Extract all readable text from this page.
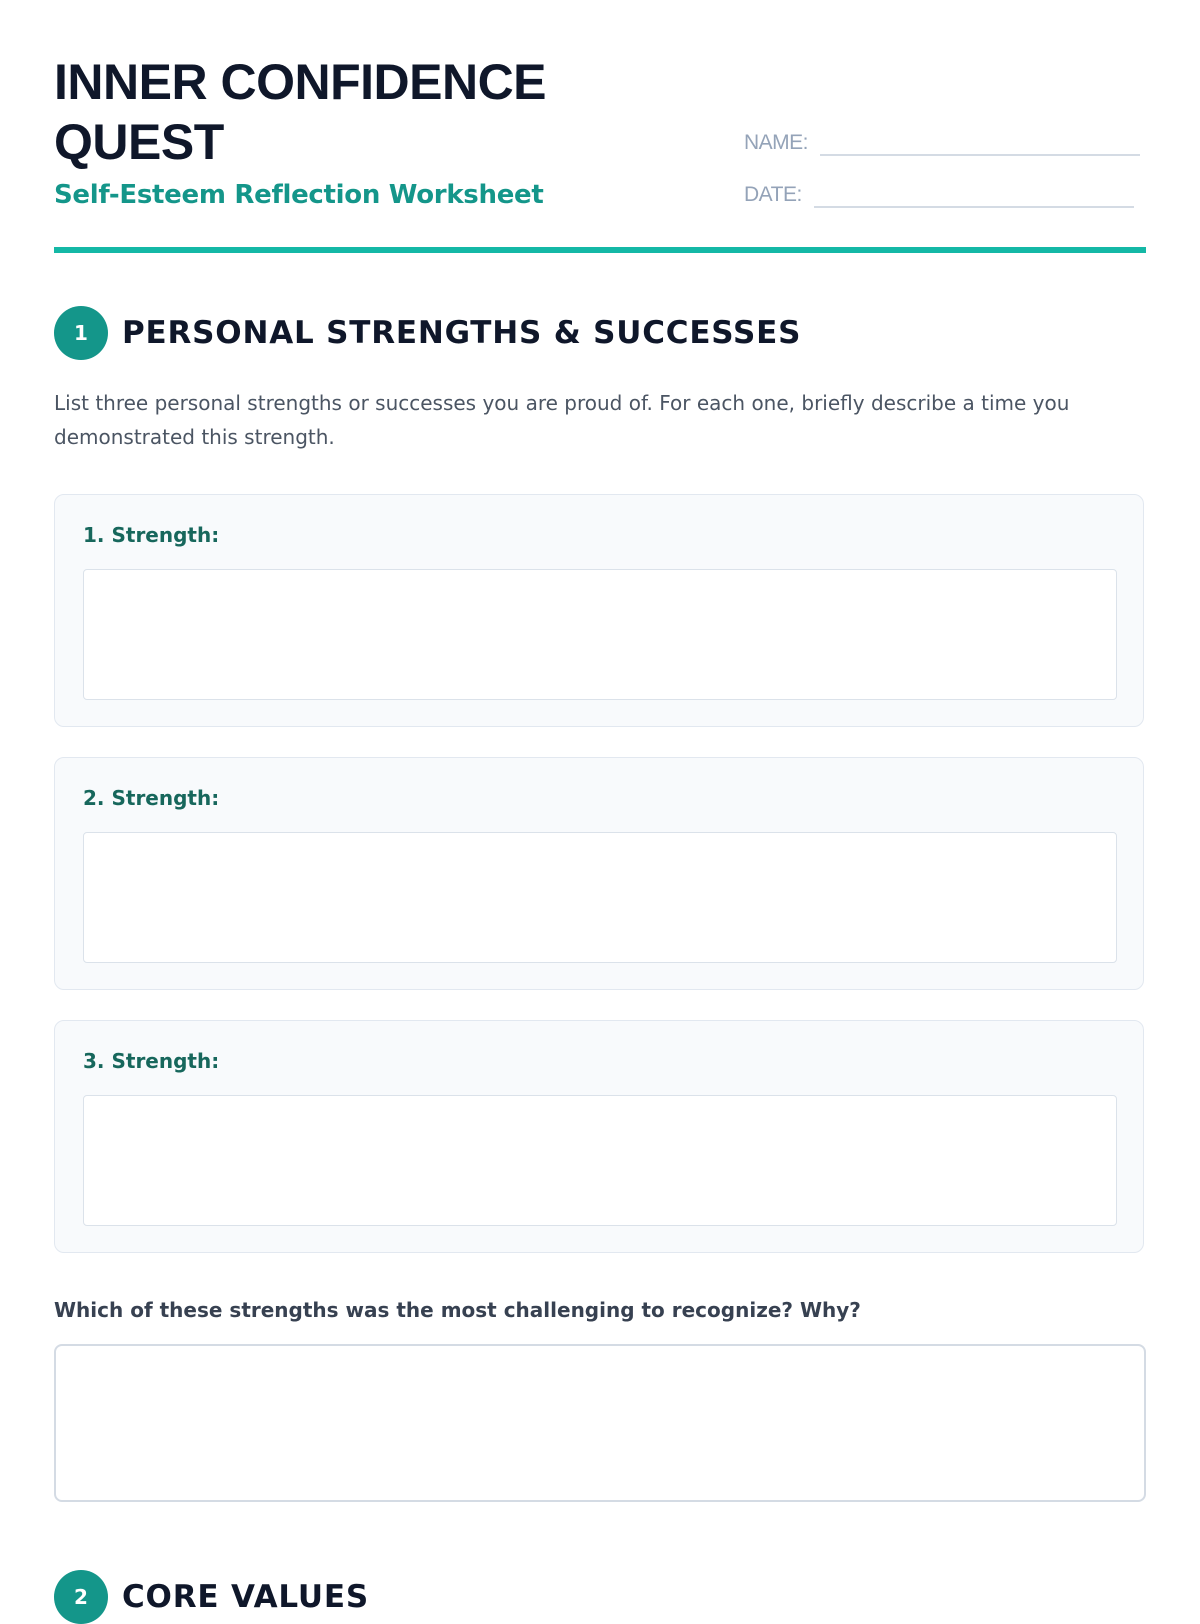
INNER CONFIDENCE
QUEST

Self-Esteem Reflection Worksheet

NAME:
DATE:
1	PERSONAL STRENGTHS & SUCCESSES

List three personal strengths or successes you are proud of. For each one, briefly describe a time you demonstrated this strength.

1. Strength:
2. Strength:
3. Strength:

Which of these strengths was the most challenging to recognize? Why?

2	CORE VALUES
